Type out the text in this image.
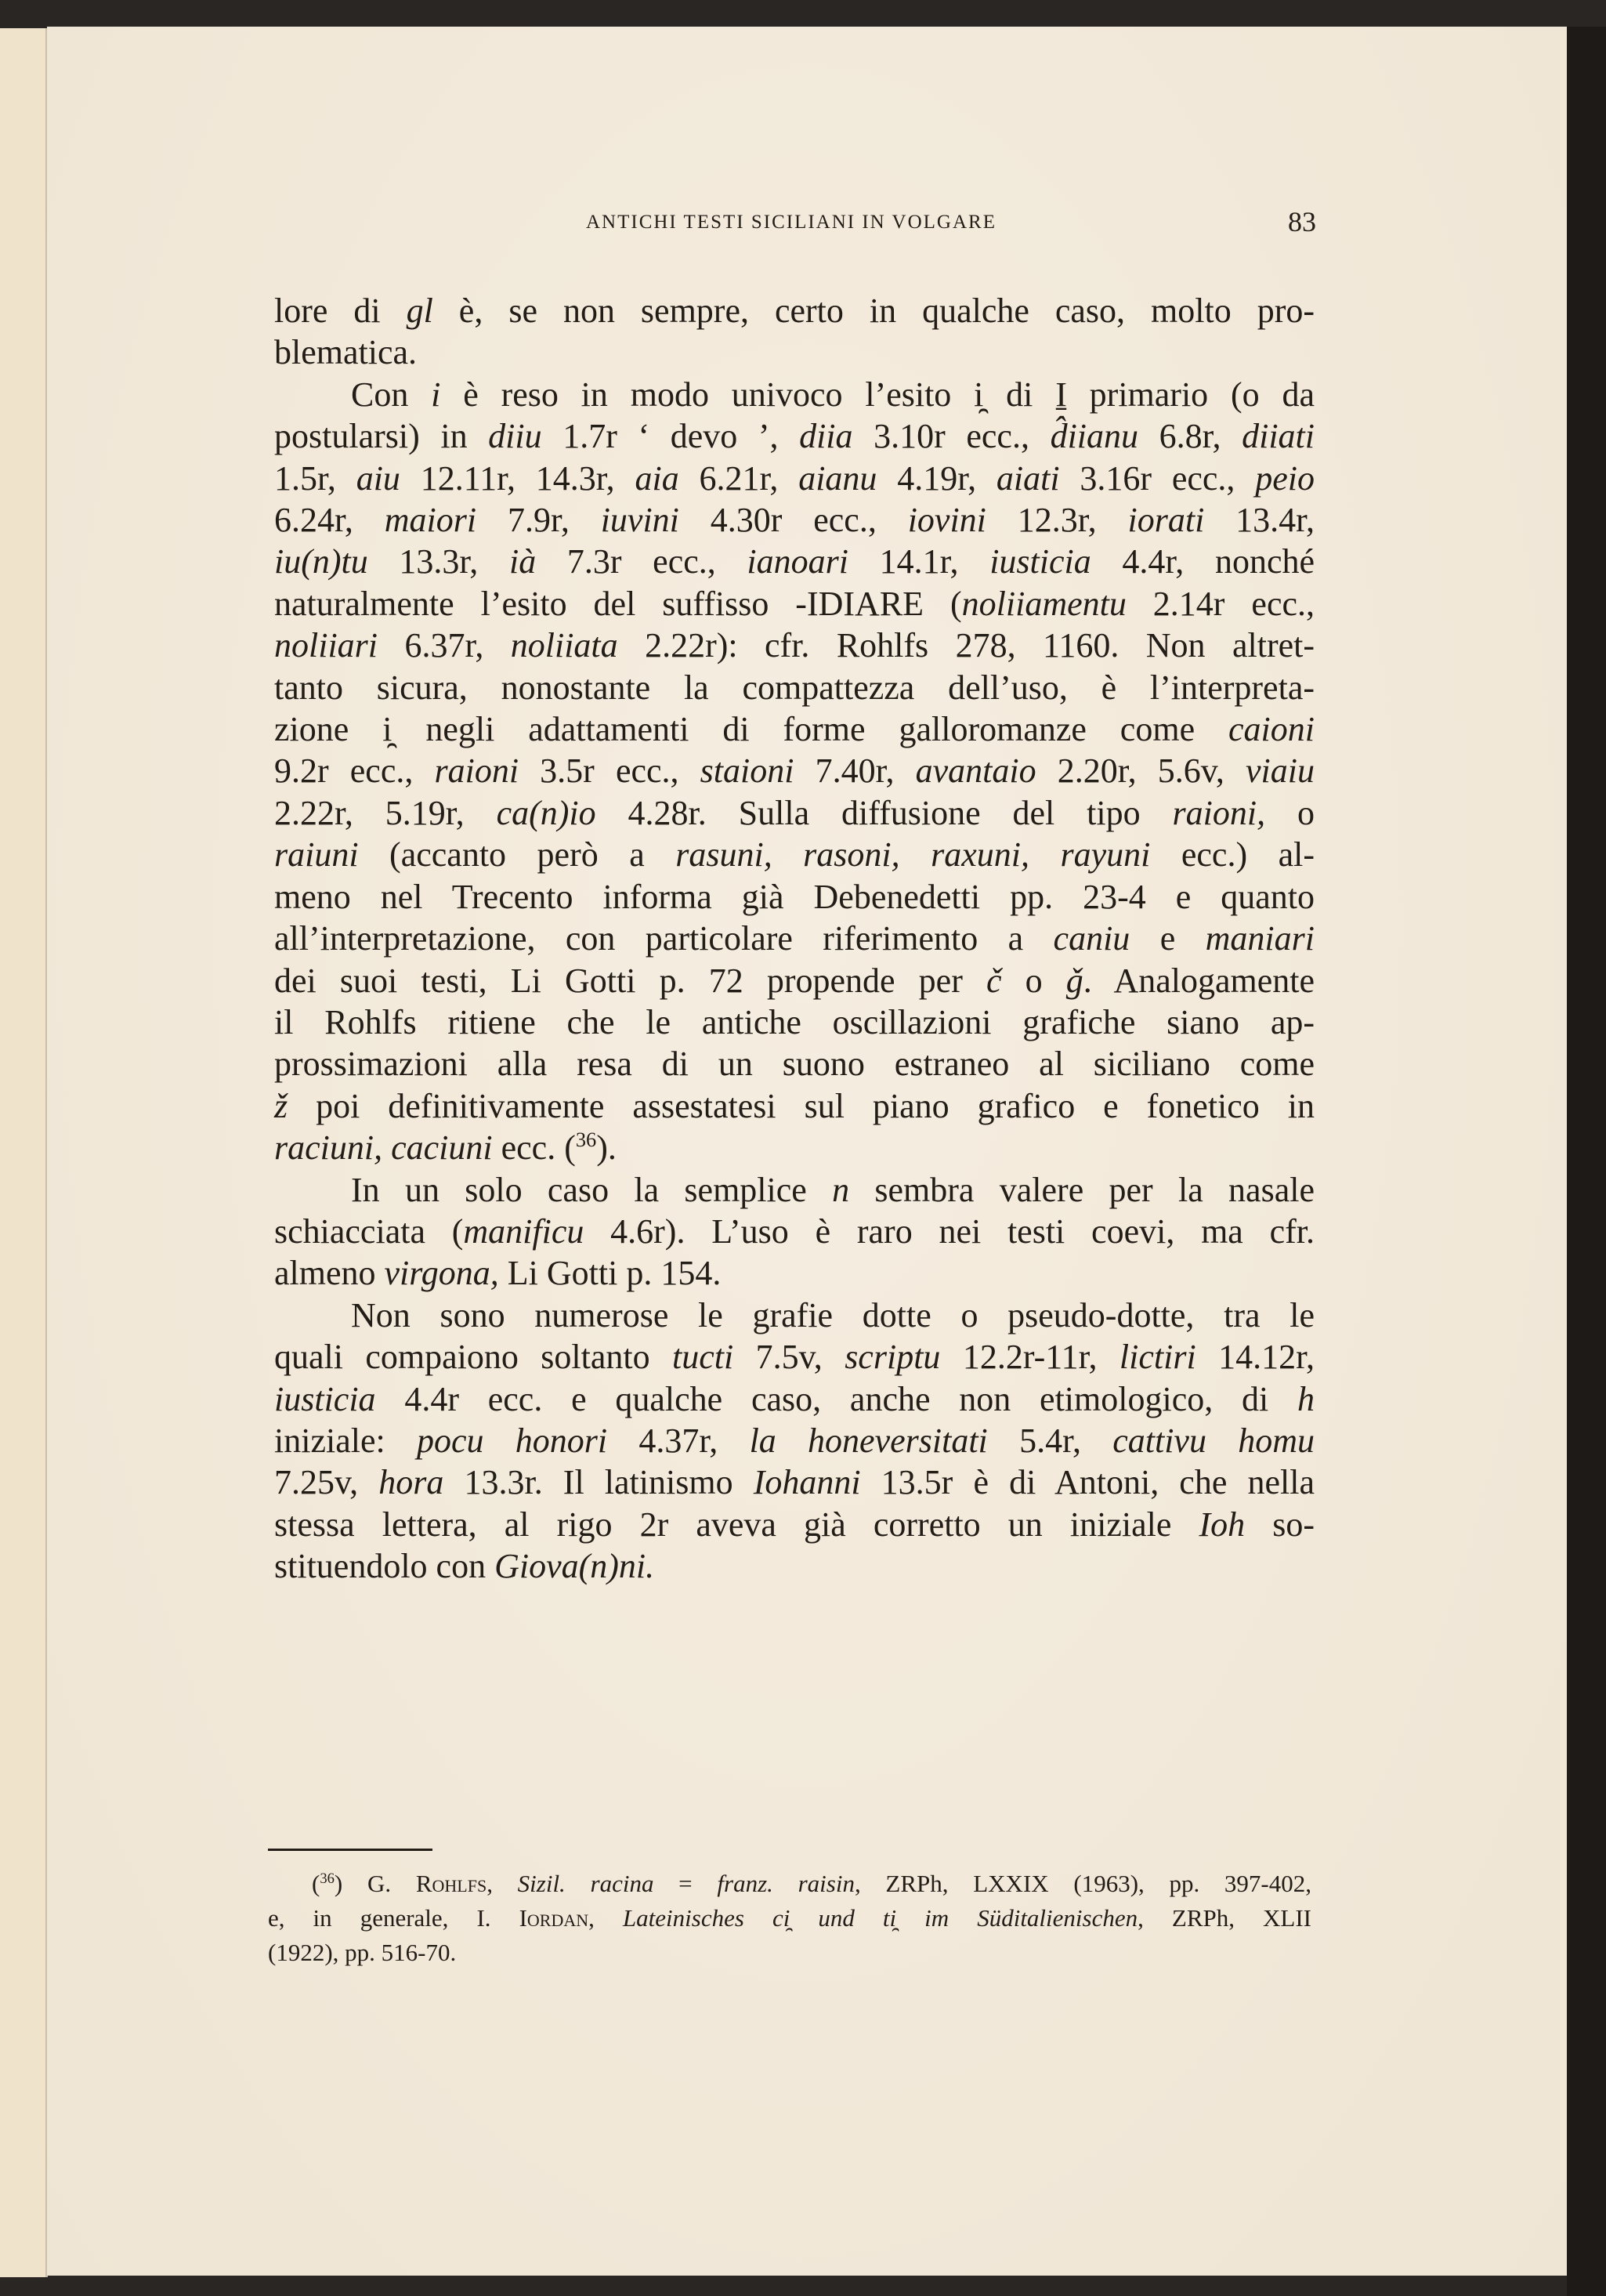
ANTICHI TESTI SICILIANI IN VOLGARE	83
lore di gl è, se non sempre, certo in qualche caso, molto pro-
blematica.
Con i è reso in modo univoco l’esito i̯ di I̱ primario (o da
postularsi) in diiu 1.7r ‘ devo ’, diia 3.10r ecc., d̂iianu 6.8r, diiati
1.5r, aiu 12.11r, 14.3r, aia 6.21r, aianu 4.19r, aiati 3.16r ecc., peio
6.24r, maiori 7.9r, iuvini 4.30r ecc., iovini 12.3r, iorati 13.4r,
iu(n)tu 13.3r, ià 7.3r ecc., ianoari 14.1r, iusticia 4.4r, nonché
naturalmente l’esito del suffisso -IDIARE (noliiamentu 2.14r ecc.,
noliiari 6.37r, noliiata 2.22r): cfr. Rohlfs 278, 1160. Non altret-
tanto sicura, nonostante la compattezza dell’uso, è l’interpreta-
zione i̯ negli adattamenti di forme galloromanze come caioni
9.2r ecc., raioni 3.5r ecc., staioni 7.40r, avantaio 2.20r, 5.6v, viaiu
2.22r, 5.19r, ca(n)io 4.28r. Sulla diffusione del tipo raioni, o
raiuni (accanto però a rasuni, rasoni, raxuni, rayuni ecc.) al-
meno nel Trecento informa già Debenedetti pp. 23-4 e quanto
all’interpretazione, con particolare riferimento a caniu e maniari
dei suoi testi, Li Gotti p. 72 propende per č o ǧ. Analogamente
il Rohlfs ritiene che le antiche oscillazioni grafiche siano ap-
prossimazioni alla resa di un suono estraneo al siciliano come
ž poi definitivamente assestatesi sul piano grafico e fonetico in
raciuni, caciuni ecc. ($^{36}$).
In un solo caso la semplice n sembra valere per la nasale
schiacciata (manificu 4.6r). L’uso è raro nei testi coevi, ma cfr.
almeno virgona, Li Gotti p. 154.
Non sono numerose le grafie dotte o pseudo-dotte, tra le
quali compaiono soltanto tucti 7.5v, scriptu 12.2r-11r, lictiri 14.12r,
iusticia 4.4r ecc. e qualche caso, anche non etimologico, di h
iniziale: pocu honori 4.37r, la honeversitati 5.4r, cattivu homu
7.25v, hora 13.3r. Il latinismo Iohanni 13.5r è di Antoni, che nella
stessa lettera, al rigo 2r aveva già corretto un iniziale Ioh so-
stituendolo con Giova(n)ni.
($^{36}$) G. Rohlfs, Sizil. racina = franz. raisin, ZRPh, LXXIX (1963), pp. 397-402,
e, in generale, I. Iordan, Lateinisches ci̯ und ti̯ im Süditalienischen, ZRPh, XLII
(1922), pp. 516-70.
